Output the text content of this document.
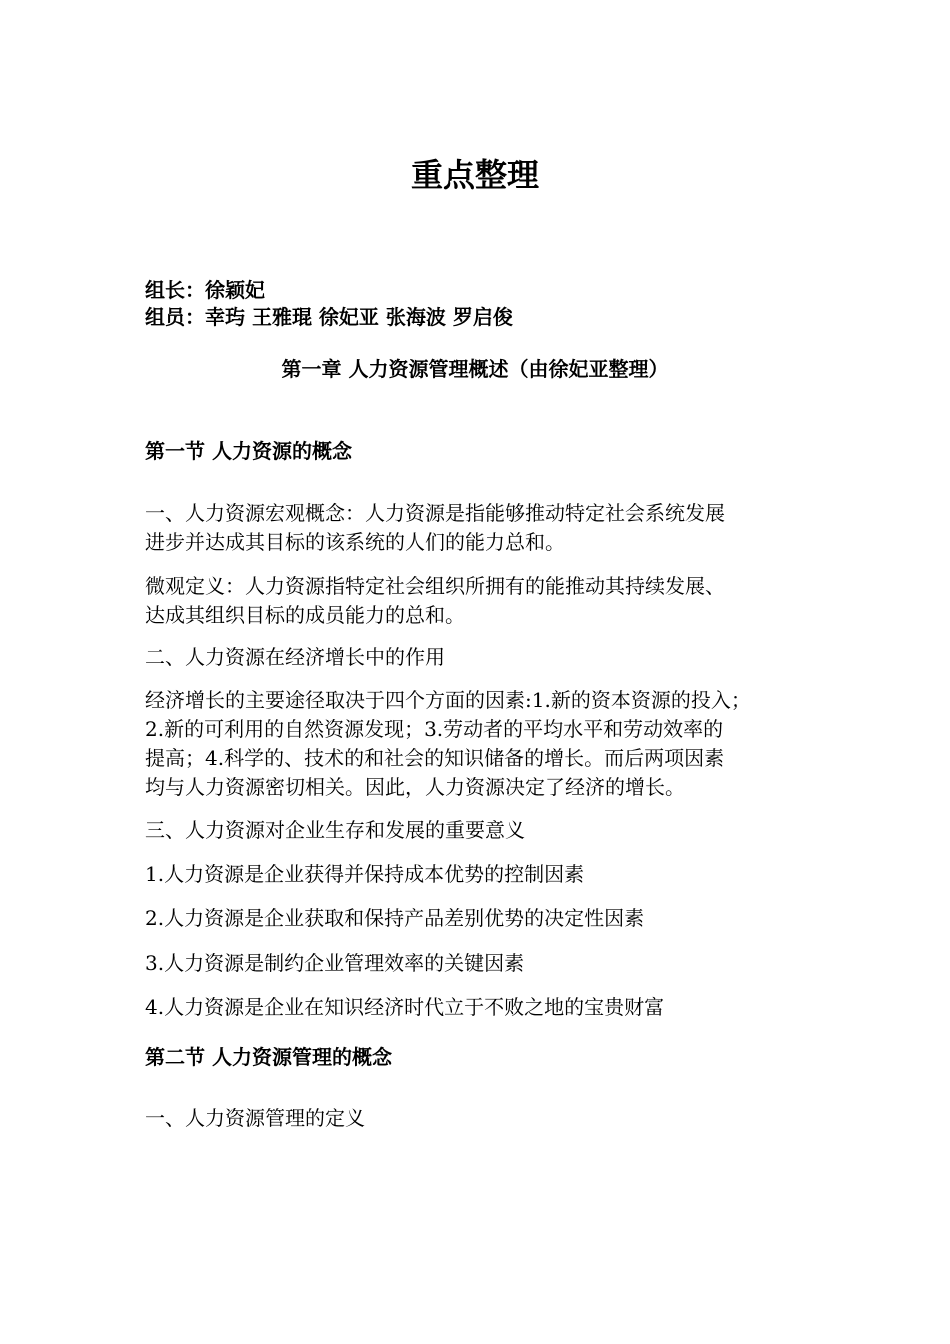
重点整理
组长：徐颖妃
组员：幸玙 王雅琨 徐妃亚 张海波 罗启俊
第一章 人力资源管理概述（由徐妃亚整理）
第一节 人力资源的概念
一、人力资源宏观概念：人力资源是指能够推动特定社会系统发展
进步并达成其目标的该系统的人们的能力总和。
微观定义：人力资源指特定社会组织所拥有的能推动其持续发展、
达成其组织目标的成员能力的总和。
二、人力资源在经济增长中的作用
经济增长的主要途径取决于四个方面的因素:1.新的资本资源的投入；
2.新的可利用的自然资源发现；3.劳动者的平均水平和劳动效率的
提高；4.科学的、技术的和社会的知识储备的增长。而后两项因素
均与人力资源密切相关。因此，人力资源决定了经济的增长。
三、人力资源对企业生存和发展的重要意义
1.人力资源是企业获得并保持成本优势的控制因素
2.人力资源是企业获取和保持产品差别优势的决定性因素
3.人力资源是制约企业管理效率的关键因素
4.人力资源是企业在知识经济时代立于不败之地的宝贵财富
第二节 人力资源管理的概念
一、人力资源管理的定义
